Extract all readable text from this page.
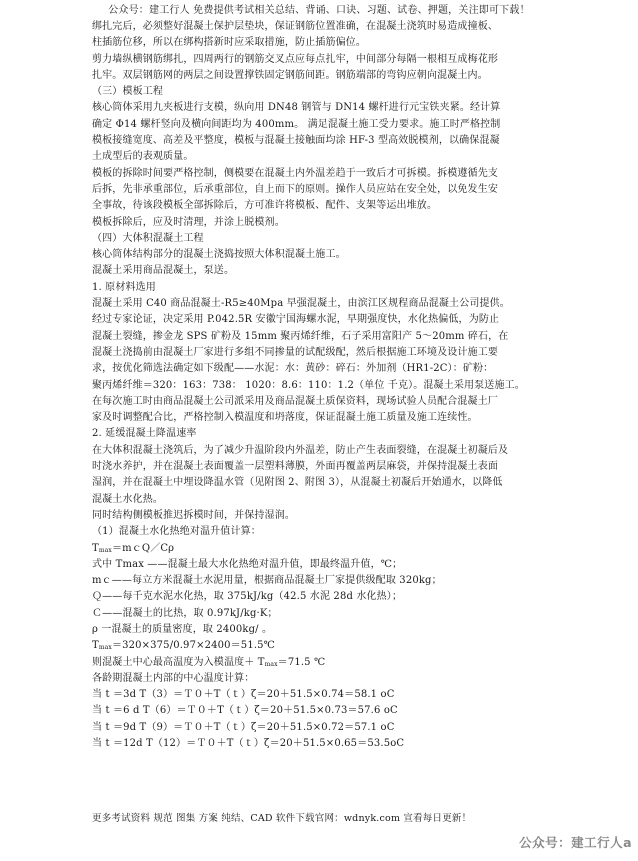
公众号：建工行人 免费提供考试相关总结、背诵、口诀、习题、试卷、押题，关注即可下载！
绑扎完后，必须整好混凝土保护层垫块，保证钢筋位置准确，在混凝土浇筑时易造成撞板、
柱插筋位移，所以在绑构搭新时应采取措施，防止插筋偏位。
剪力墙纵横钢筋绑扎，四周两行的钢筋交叉点应每点扎牢，中间部分每隔一根相互成梅花形
扎牢。双层钢筋网的两层之间设置撑铁固定钢筋间距。钢筋端部的弯钩应朝向混凝土内。
（三）模板工程
核心筒体采用九夹板进行支模，纵向用 DN48 钢管与 DN14 螺杆进行元宝铁夹紧。经计算
确定 Φ14 螺杆竖向及横向间距均为 400mm。 满足混凝土施工受力要求。施工时严格控制
模板接缝宽度、高差及平整度，模板与混凝土接触面均涂 HF-3 型高效脱模剂，以确保混凝
土成型后的表观质量。
模板的拆除时间要严格控制，侧模要在混凝土内外温差趋于一致后才可拆模。拆模遵循先支
后拆，先非承重部位，后承重部位，自上而下的原则。操作人员应站在安全处，以免发生安
全事故，待该段模板全部拆除后，方可准许将模板、配件、支架等运出堆放。
模板拆除后，应及时清理，并涂上脱模剂。
（四）大体积混凝土工程
核心筒体结构部分的混凝土浇捣按照大体积混凝土施工。
混凝土采用商品混凝土，泵送。
1. 原材料选用
混凝土采用 C40 商品混凝土-R5≥40Mpa 早强混凝土，由滨江区规程商品混凝土公司提供。
经过专家论证，决定采用 P.042.5R 安徽宁国海螺水泥，早期强度快，水化热偏低，为防止
混凝土裂缝，掺金龙 SPS 矿粉及 15mm 聚丙烯纤维，石子采用富阳产 5～20mm 碎石，在
混凝土浇捣前由混凝土厂家进行多组不同掺量的试配级配，然后根据施工环境及设计施工要
求，按优化筛选法确定如下级配——水泥：水：黄砂：碎石：外加剂（HR1-2C）：矿粉：
聚丙烯纤维＝320：163：738： 1020：8.6：110：1.2（单位 千克）。混凝土采用泵送施工。
在每次施工时由商品混凝土公司派采用及商品混凝土质保资料，现场试验人员配合混凝土厂
家及时调整配合比，严格控制入模温度和坍落度，保证混凝土施工质量及施工连续性。
2. 延缓混凝土降温速率
在大体积混凝土浇筑后，为了减少升温阶段内外温差，防止产生表面裂缝，在混凝土初凝后及
时浇水养护，并在混凝土表面覆盖一层塑料薄膜，外面再覆盖两层麻袋，并保持混凝土表面
湿润，并在混凝土中埋设降温水管（见附图 2、附图 3），从混凝土初凝后开始通水，以降低
混凝土水化热。
同时结构侧模板推迟拆模时间，并保持湿润。
（1）混凝土水化热绝对温升值计算：
$T_{max}=mcQ/C\rho$
式中 Tmax ——混凝土最大水化热绝对温升值，即最终温升值，℃；
mｃ——每立方米混凝土水泥用量，根据商品混凝土厂家提供级配取 320kg；
Ｑ——每千克水泥水化热，取 375kJ/kg（42.5 水泥 28d 水化热）；
Ｃ——混凝土的比热，取 0.97kJ/kg·K；
ρ 一混凝土的质量密度，取 2400kg/ 。
$T_{max}=320\times 375/0.97\times 2400=51.5℃$
则混凝土中心最高温度为入模温度＋ $T_{max}=71.5$ ℃
各龄期混凝土内部的中心温度计算：
当 t ＝3d T（3）＝Ｔ０＋T（ｔ）ζ＝20＋51.5×0.74＝58.1 oC
当 t ＝6 d T（6）＝Ｔ０＋T（ｔ）ζ＝20＋51.5×0.73＝57.6 oC
当 t ＝9d T（9）＝Ｔ０＋T（ｔ）ζ＝20＋51.5×0.72＝57.1 oC
当 t ＝12d T（12）＝Ｔ０＋T（ｔ）ζ＝20＋51.5×0.65＝53.5oC
更多考试资料 规范 图集 方案 纯结、CAD 软件下载官网：wdnyk.com 宣看每日更新！
公众号：建工行人a
